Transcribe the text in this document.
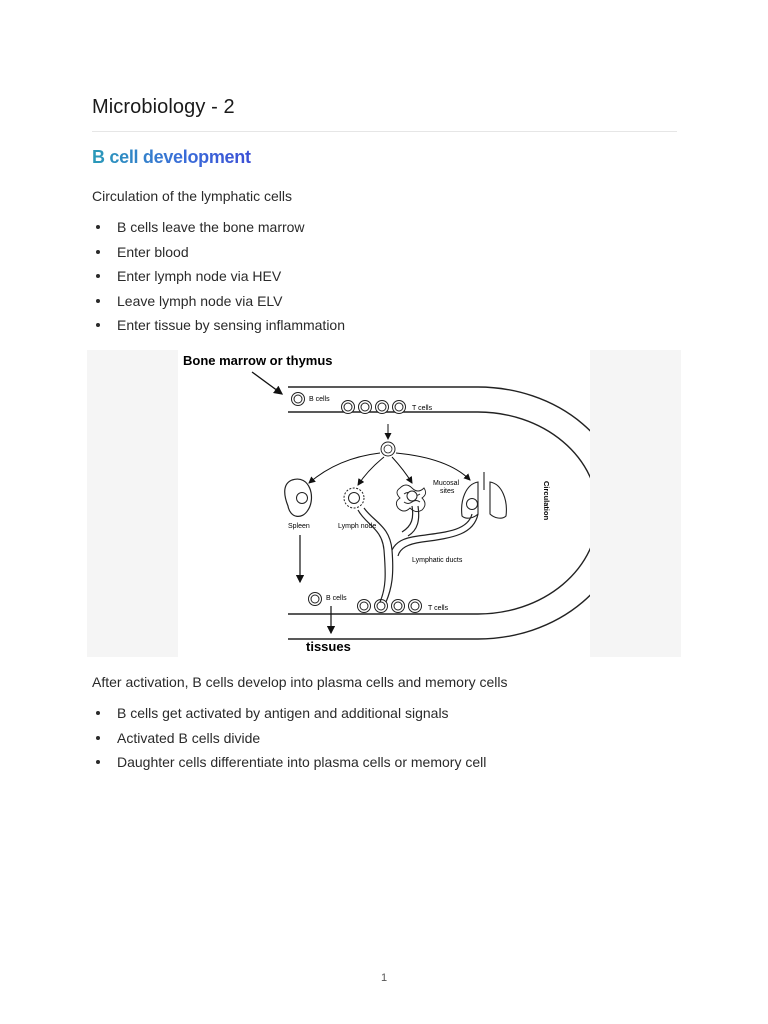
Microbiology - 2
B cell development

Circulation of the lymphatic cells

B cells leave the bone marrow
Enter blood
Enter lymph node via HEV
Leave lymph node via ELV
Enter tissue by sensing inflammation
B cells
T cells
B cells
T cells
Bone marrow or thymus
Spleen	Lymph node
Mucosal
sites
Lymphatic ducts
tissues
Circulation

After activation, B cells develop into plasma cells and memory cells

B cells get activated by antigen and additional signals
Activated B cells divide
Daughter cells differentiate into plasma cells or memory cell
1
